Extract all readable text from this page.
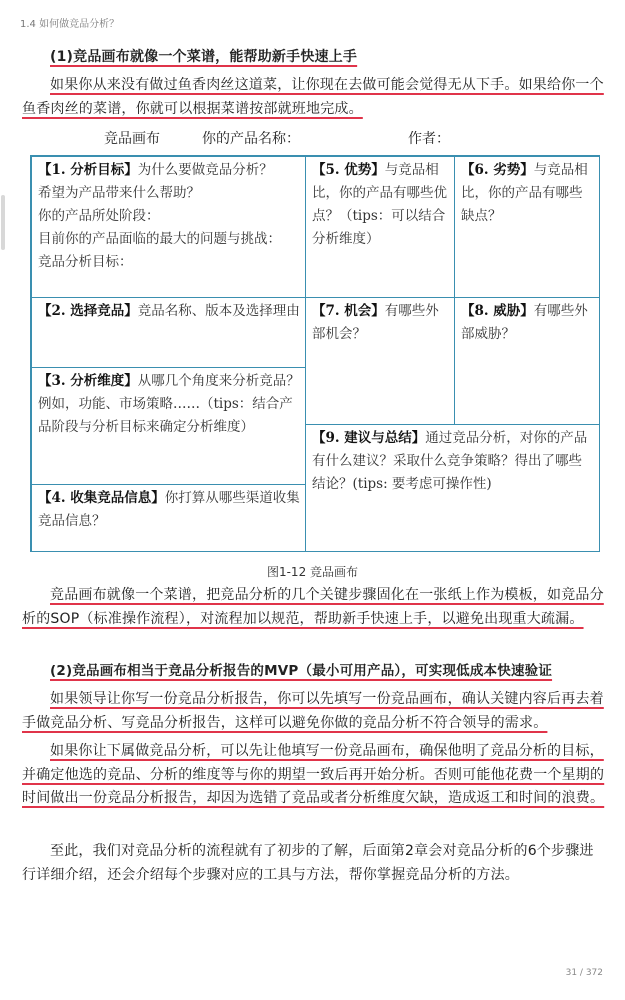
1.4 如何做竞品分析？

(1)竞品画布就像一个菜谱，能帮助新手快速上手

如果你从来没有做过鱼香肉丝这道菜，让你现在去做可能会觉得无从下手。如果给你一个鱼香肉丝的菜谱，你就可以根据菜谱按部就班地完成。

竞品画布	你的产品名称：	作者：

【1. 分析目标】为什么要做竞品分析？

希望为产品带来什么帮助？

你的产品所处阶段：

目前你的产品面临的最大的问题与挑战：

竞品分析目标：

【2. 选择竞品】竞品名称、版本及选择理由

【3. 分析维度】从哪几个角度来分析竞品？例如，功能、市场策略……（tips：结合产品阶段与分析目标来确定分析维度）

【4. 收集竞品信息】你打算从哪些渠道收集竞品信息？

【5. 优势】与竞品相比，你的产品有哪些优点？（tips：可以结合分析维度）

【6. 劣势】与竞品相比，你的产品有哪些缺点？

【7. 机会】有哪些外部机会？

【8. 威胁】有哪些外部威胁？

【9. 建议与总结】通过竞品分析，对你的产品有什么建议？采取什么竞争策略？得出了哪些结论？(tips: 要考虑可操作性)

图1-12 竞品画布

竞品画布就像一个菜谱，把竞品分析的几个关键步骤固化在一张纸上作为模板，如竞品分析的SOP（标准操作流程），对流程加以规范，帮助新手快速上手，以避免出现重大疏漏。

(2)竞品画布相当于竞品分析报告的MVP（最小可用产品），可实现低成本快速验证

如果领导让你写一份竞品分析报告，你可以先填写一份竞品画布，确认关键内容后再去着手做竞品分析、写竞品分析报告，这样可以避免你做的竞品分析不符合领导的需求。

如果你让下属做竞品分析，可以先让他填写一份竞品画布，确保他明了竞品分析的目标，并确定他选的竞品、分析的维度等与你的期望一致后再开始分析。否则可能他花费一个星期的时间做出一份竞品分析报告，却因为选错了竞品或者分析维度欠缺，造成返工和时间的浪费。

至此，我们对竞品分析的流程就有了初步的了解，后面第2章会对竞品分析的6个步骤进行详细介绍，还会介绍每个步骤对应的工具与方法，帮你掌握竞品分析的方法。

31 / 372
